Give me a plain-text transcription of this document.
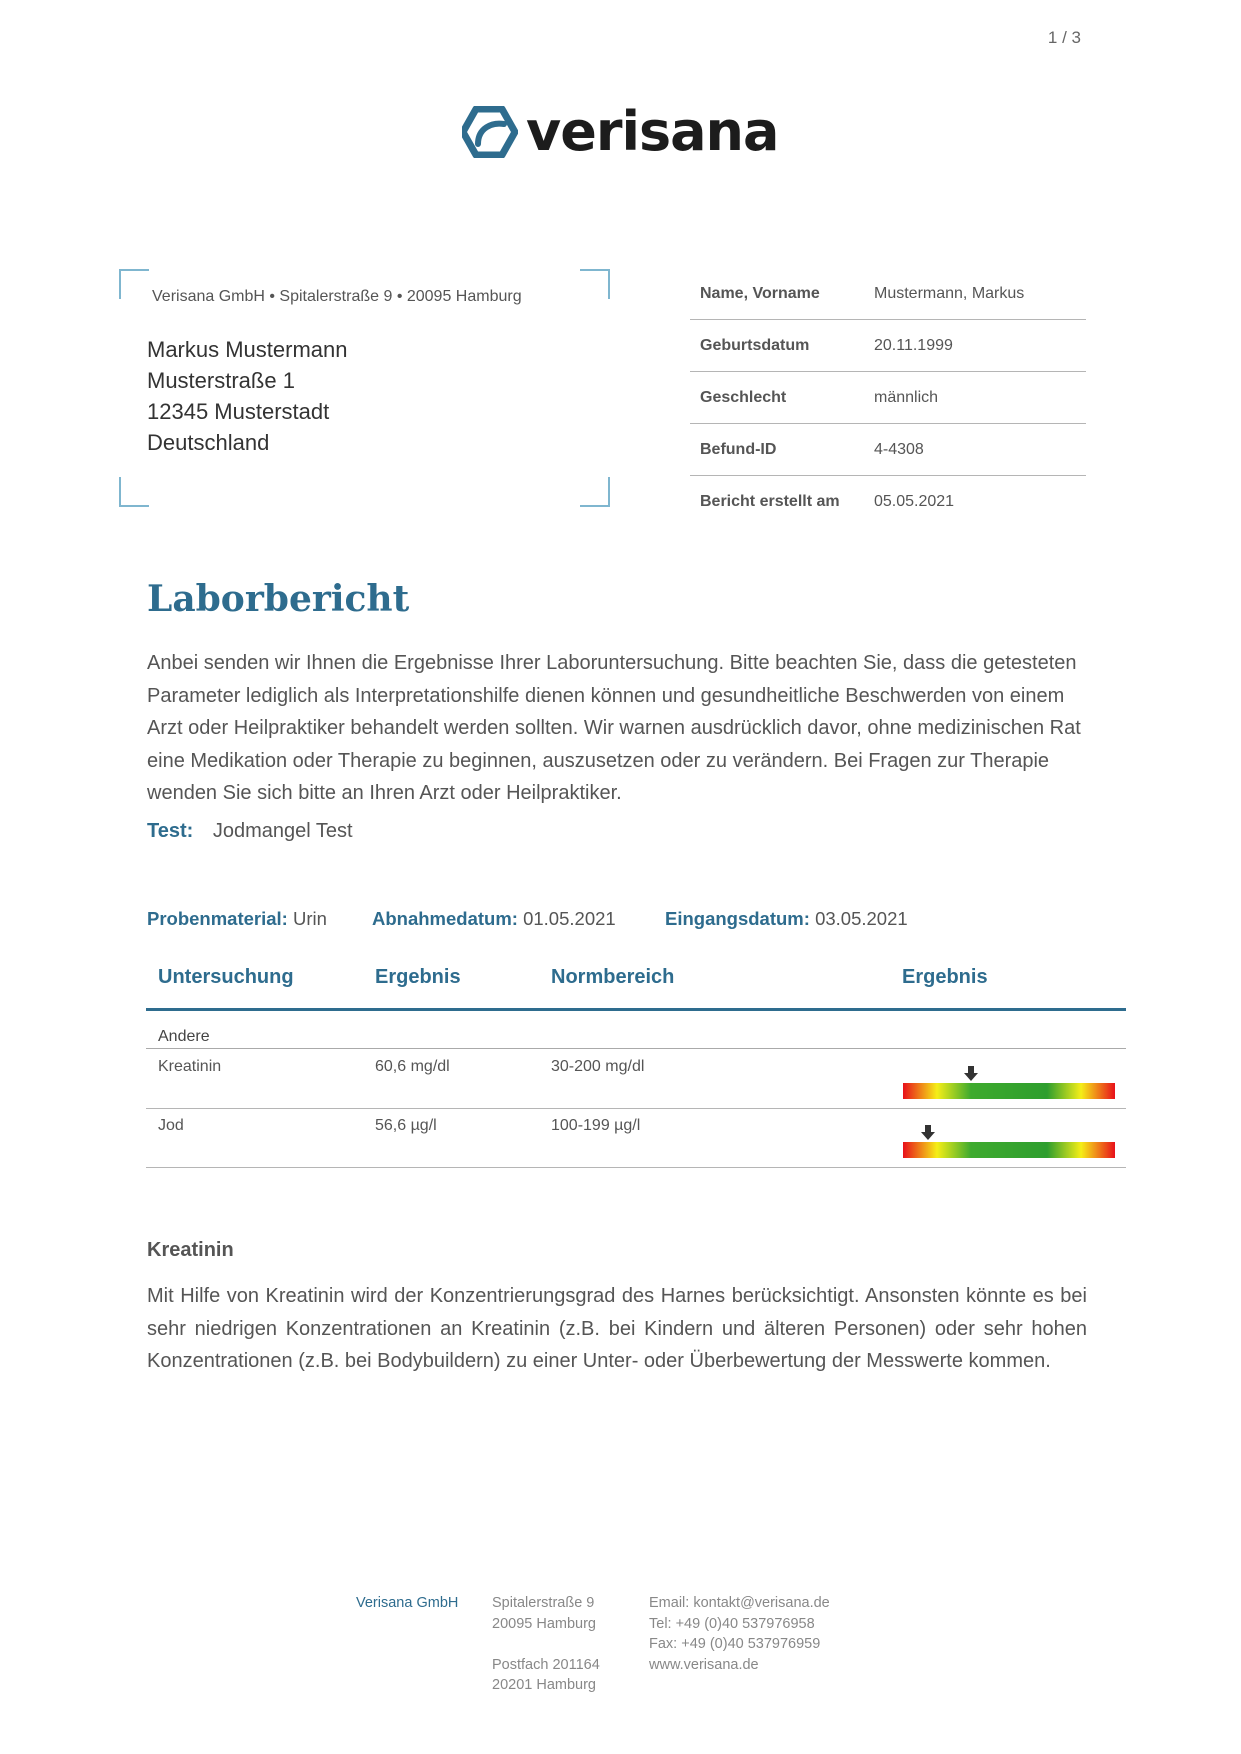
1 / 3
verisana
Verisana GmbH • Spitalerstraße 9 • 20095 Hamburg
Markus Mustermann
Musterstraße 1
12345 Musterstadt
Deutschland
Name, Vorname	Mustermann, Markus
Geburtsdatum	20.11.1999
Geschlecht	männlich
Befund-ID	4-4308
Bericht erstellt am	05.05.2021
Laborbericht
Anbei senden wir Ihnen die Ergebnisse Ihrer Laboruntersuchung. Bitte beachten Sie, dass die getesteten Parameter lediglich als Interpretationshilfe dienen können und gesundheitliche Beschwerden von einem Arzt oder Heilpraktiker behandelt werden sollten. Wir warnen ausdrücklich davor, ohne medizinischen Rat eine Medikation oder Therapie zu beginnen, auszusetzen oder zu verändern. Bei Fragen zur Therapie wenden Sie sich bitte an Ihren Arzt oder Heilpraktiker.
Test: Jodmangel Test
Probenmaterial: Urin Abnahmedatum: 01.05.2021	Eingangsdatum: 03.05.2021
Untersuchung	Ergebnis	Normbereich	Ergebnis
Andere
Kreatinin	60,6 mg/dl	30-200 mg/dl
Jod	56,6 µg/l	100-199 µg/l
Kreatinin
Mit Hilfe von Kreatinin wird der Konzentrierungsgrad des Harnes berücksichtigt. Ansonsten könnte es bei sehr niedrigen Konzentrationen an Kreatinin (z.B. bei Kindern und älteren Personen) oder sehr hohen Konzentrationen (z.B. bei Bodybuildern) zu einer Unter- oder Überbewertung der Messwerte kommen.
Verisana GmbH Spitalerstraße 9
20095 Hamburg
Postfach 201164
20201 Hamburg
Email: kontakt@verisana.de
Tel: +49 (0)40 537976958
Fax: +49 (0)40 537976959
www.verisana.de
